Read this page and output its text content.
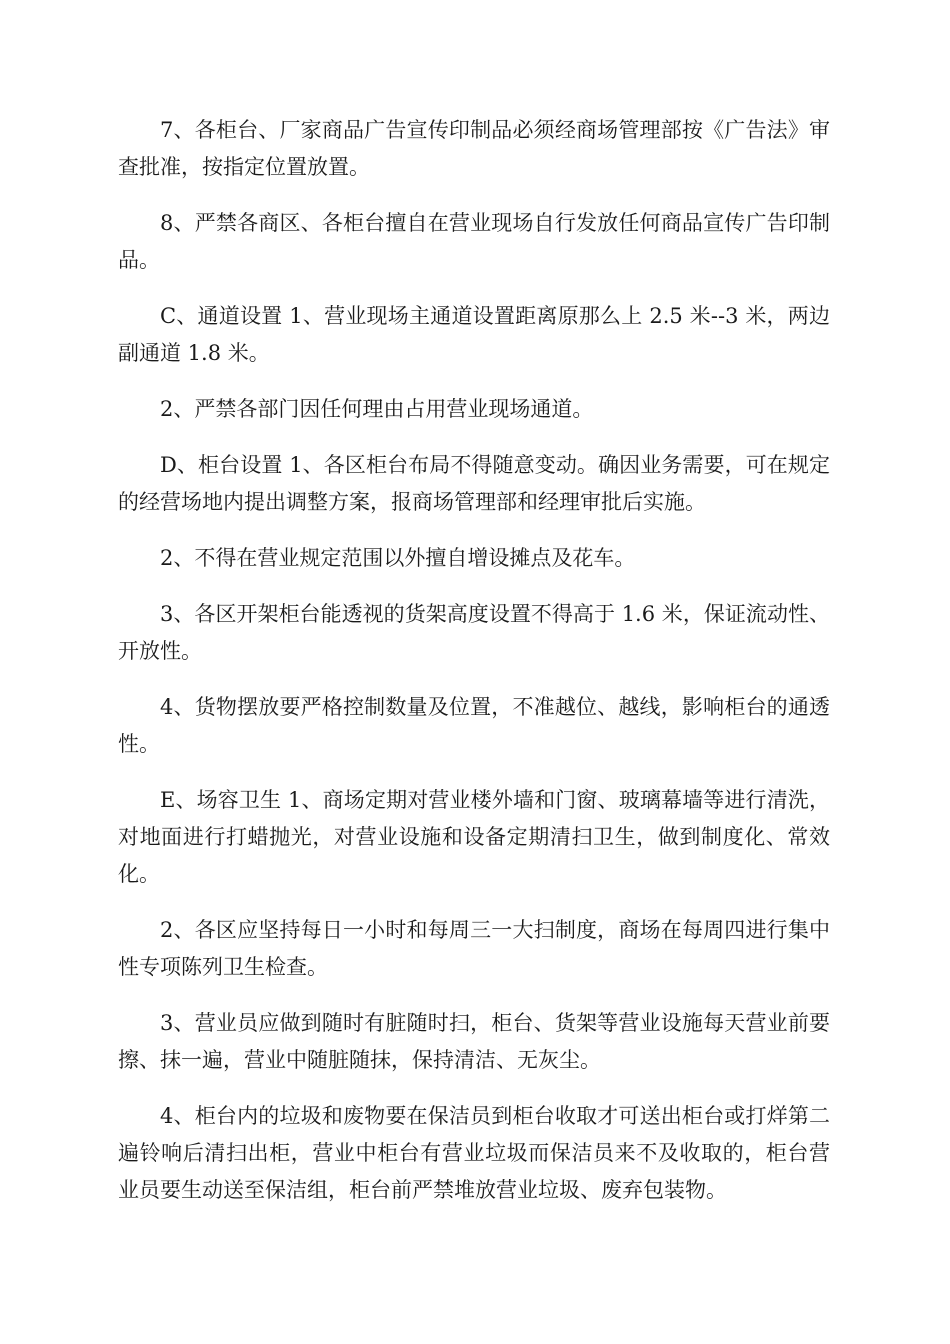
7、各柜台、厂家商品广告宣传印制品必须经商场管理部按《广告法》审查批准，按指定位置放置。

8、严禁各商区、各柜台擅自在营业现场自行发放任何商品宣传广告印制品。

C、通道设置 1、营业现场主通道设置距离原那么上 2.5 米--3 米，两边副通道 1.8 米。

2、严禁各部门因任何理由占用营业现场通道。

D、柜台设置 1、各区柜台布局不得随意变动。确因业务需要，可在规定的经营场地内提出调整方案，报商场管理部和经理审批后实施。

2、不得在营业规定范围以外擅自增设摊点及花车。

3、各区开架柜台能透视的货架高度设置不得高于 1.6 米，保证流动性、开放性。

4、货物摆放要严格控制数量及位置，不准越位、越线，影响柜台的通透性。

E、场容卫生 1、商场定期对营业楼外墙和门窗、玻璃幕墙等进行清洗，对地面进行打蜡抛光，对营业设施和设备定期清扫卫生，做到制度化、常效化。

2、各区应坚持每日一小时和每周三一大扫制度，商场在每周四进行集中性专项陈列卫生检查。

3、营业员应做到随时有脏随时扫，柜台、货架等营业设施每天营业前要擦、抹一遍，营业中随脏随抹，保持清洁、无灰尘。

4、柜台内的垃圾和废物要在保洁员到柜台收取才可送出柜台或打烊第二遍铃响后清扫出柜，营业中柜台有营业垃圾而保洁员来不及收取的，柜台营业员要生动送至保洁组，柜台前严禁堆放营业垃圾、废弃包装物。
